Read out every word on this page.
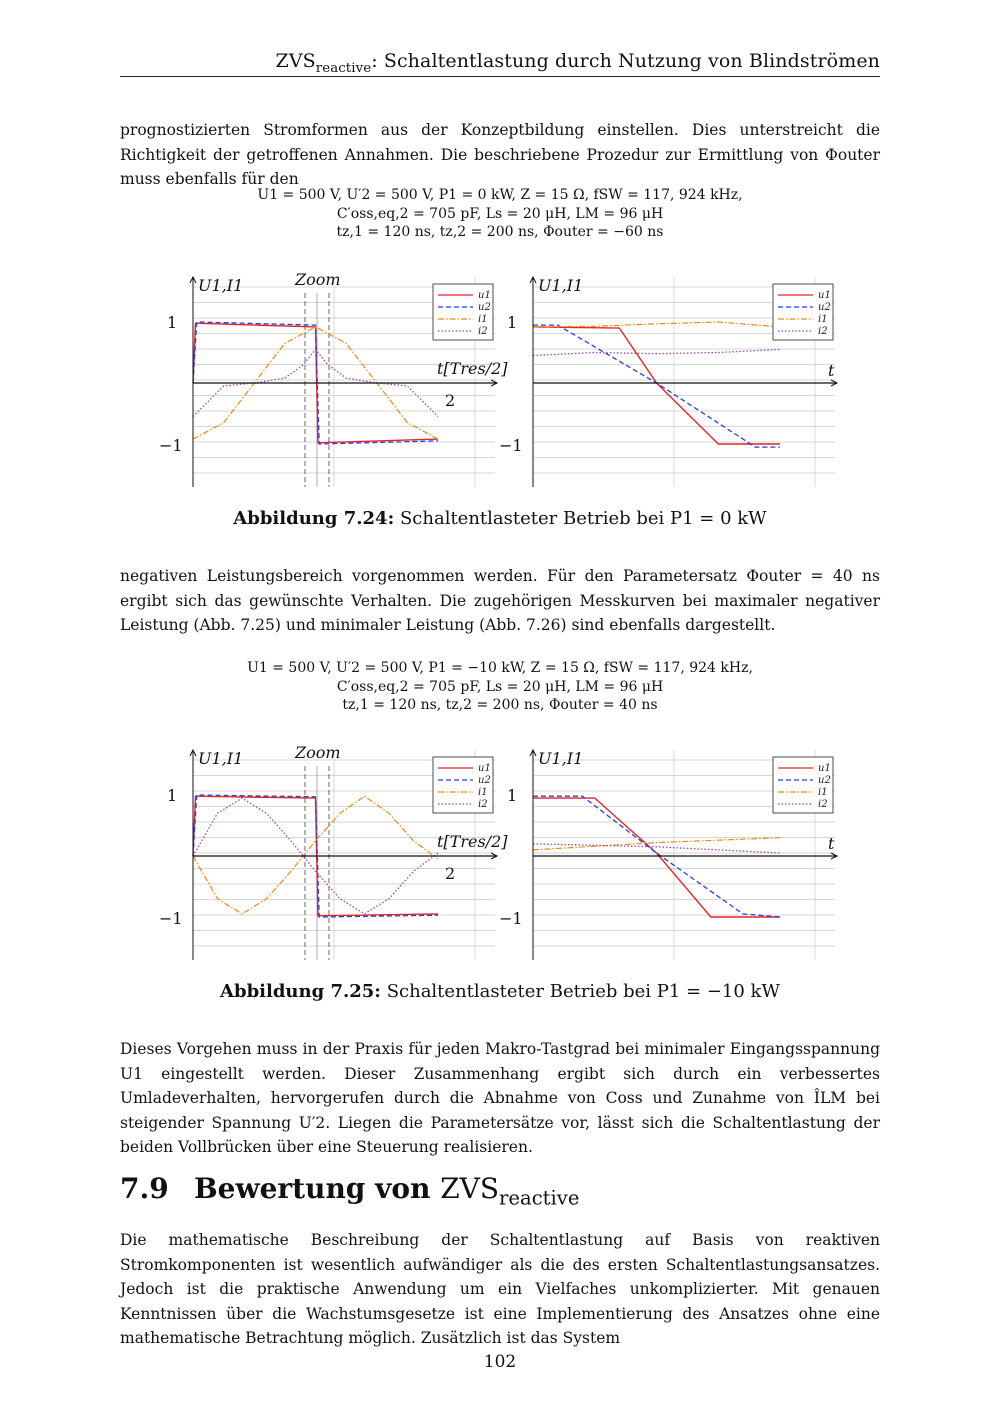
$ZVS_{reactive}$: Schaltentlastung durch Nutzung von Blindströmen
prognostizierten Stromformen aus der Konzeptbildung einstellen. Dies unterstreicht die Richtigkeit der getroffenen Annahmen. Die beschriebene Prozedur zur Ermittlung von Φouter muss ebenfalls für den
U1 = 500 V, U′2 = 500 V, P1 = 0 kW, Z = 15 Ω, fSW = 117, 924 kHz,
C′oss,eq,2 = 705 pF, Ls = 20 μH, LM = 96 μH
tz,1 = 120 ns, tz,2 = 200 ns, Φouter = −60 ns
Zoom
U1,I1
1
−1
t[Tres/2]
2
U1,I1
1
−1
t
u1
u2
i1
i2
u1
u2
i1
i2
Abbildung 7.24: Schaltentlasteter Betrieb bei P1 = 0 kW
negativen Leistungsbereich vorgenommen werden. Für den Parametersatz Φouter = 40 ns ergibt sich das gewünschte Verhalten. Die zugehörigen Messkurven bei maximaler negativer Leistung (Abb. 7.25) und minimaler Leistung (Abb. 7.26) sind ebenfalls dargestellt.
U1 = 500 V, U′2 = 500 V, P1 = −10 kW, Z = 15 Ω, fSW = 117, 924 kHz,
C′oss,eq,2 = 705 pF, Ls = 20 μH, LM = 96 μH
tz,1 = 120 ns, tz,2 = 200 ns, Φouter = 40 ns
Zoom
U1,I1
1
−1
t[Tres/2]
2
U1,I1
1
−1
t
u1
u2
i1
i2
u1
u2
i1
i2
Abbildung 7.25: Schaltentlasteter Betrieb bei P1 = −10 kW
Dieses Vorgehen muss in der Praxis für jeden Makro-Tastgrad bei minimaler Eingangsspannung U1 eingestellt werden. Dieser Zusammenhang ergibt sich durch ein verbessertes Umladeverhalten, hervorgerufen durch die Abnahme von Coss und Zunahme von ÎLM bei steigender Spannung U′2. Liegen die Parametersätze vor, lässt sich die Schaltentlastung der beiden Vollbrücken über eine Steuerung realisieren.
7.9 Bewertung von $ZVS_{reactive}$
Die mathematische Beschreibung der Schaltentlastung auf Basis von reaktiven Stromkomponenten ist wesentlich aufwändiger als die des ersten Schaltentlastungsansatzes. Jedoch ist die praktische Anwendung um ein Vielfaches unkomplizierter. Mit genauen Kenntnissen über die Wachstumsgesetze ist eine Implementierung des Ansatzes ohne eine mathematische Betrachtung möglich. Zusätzlich ist das System
102
